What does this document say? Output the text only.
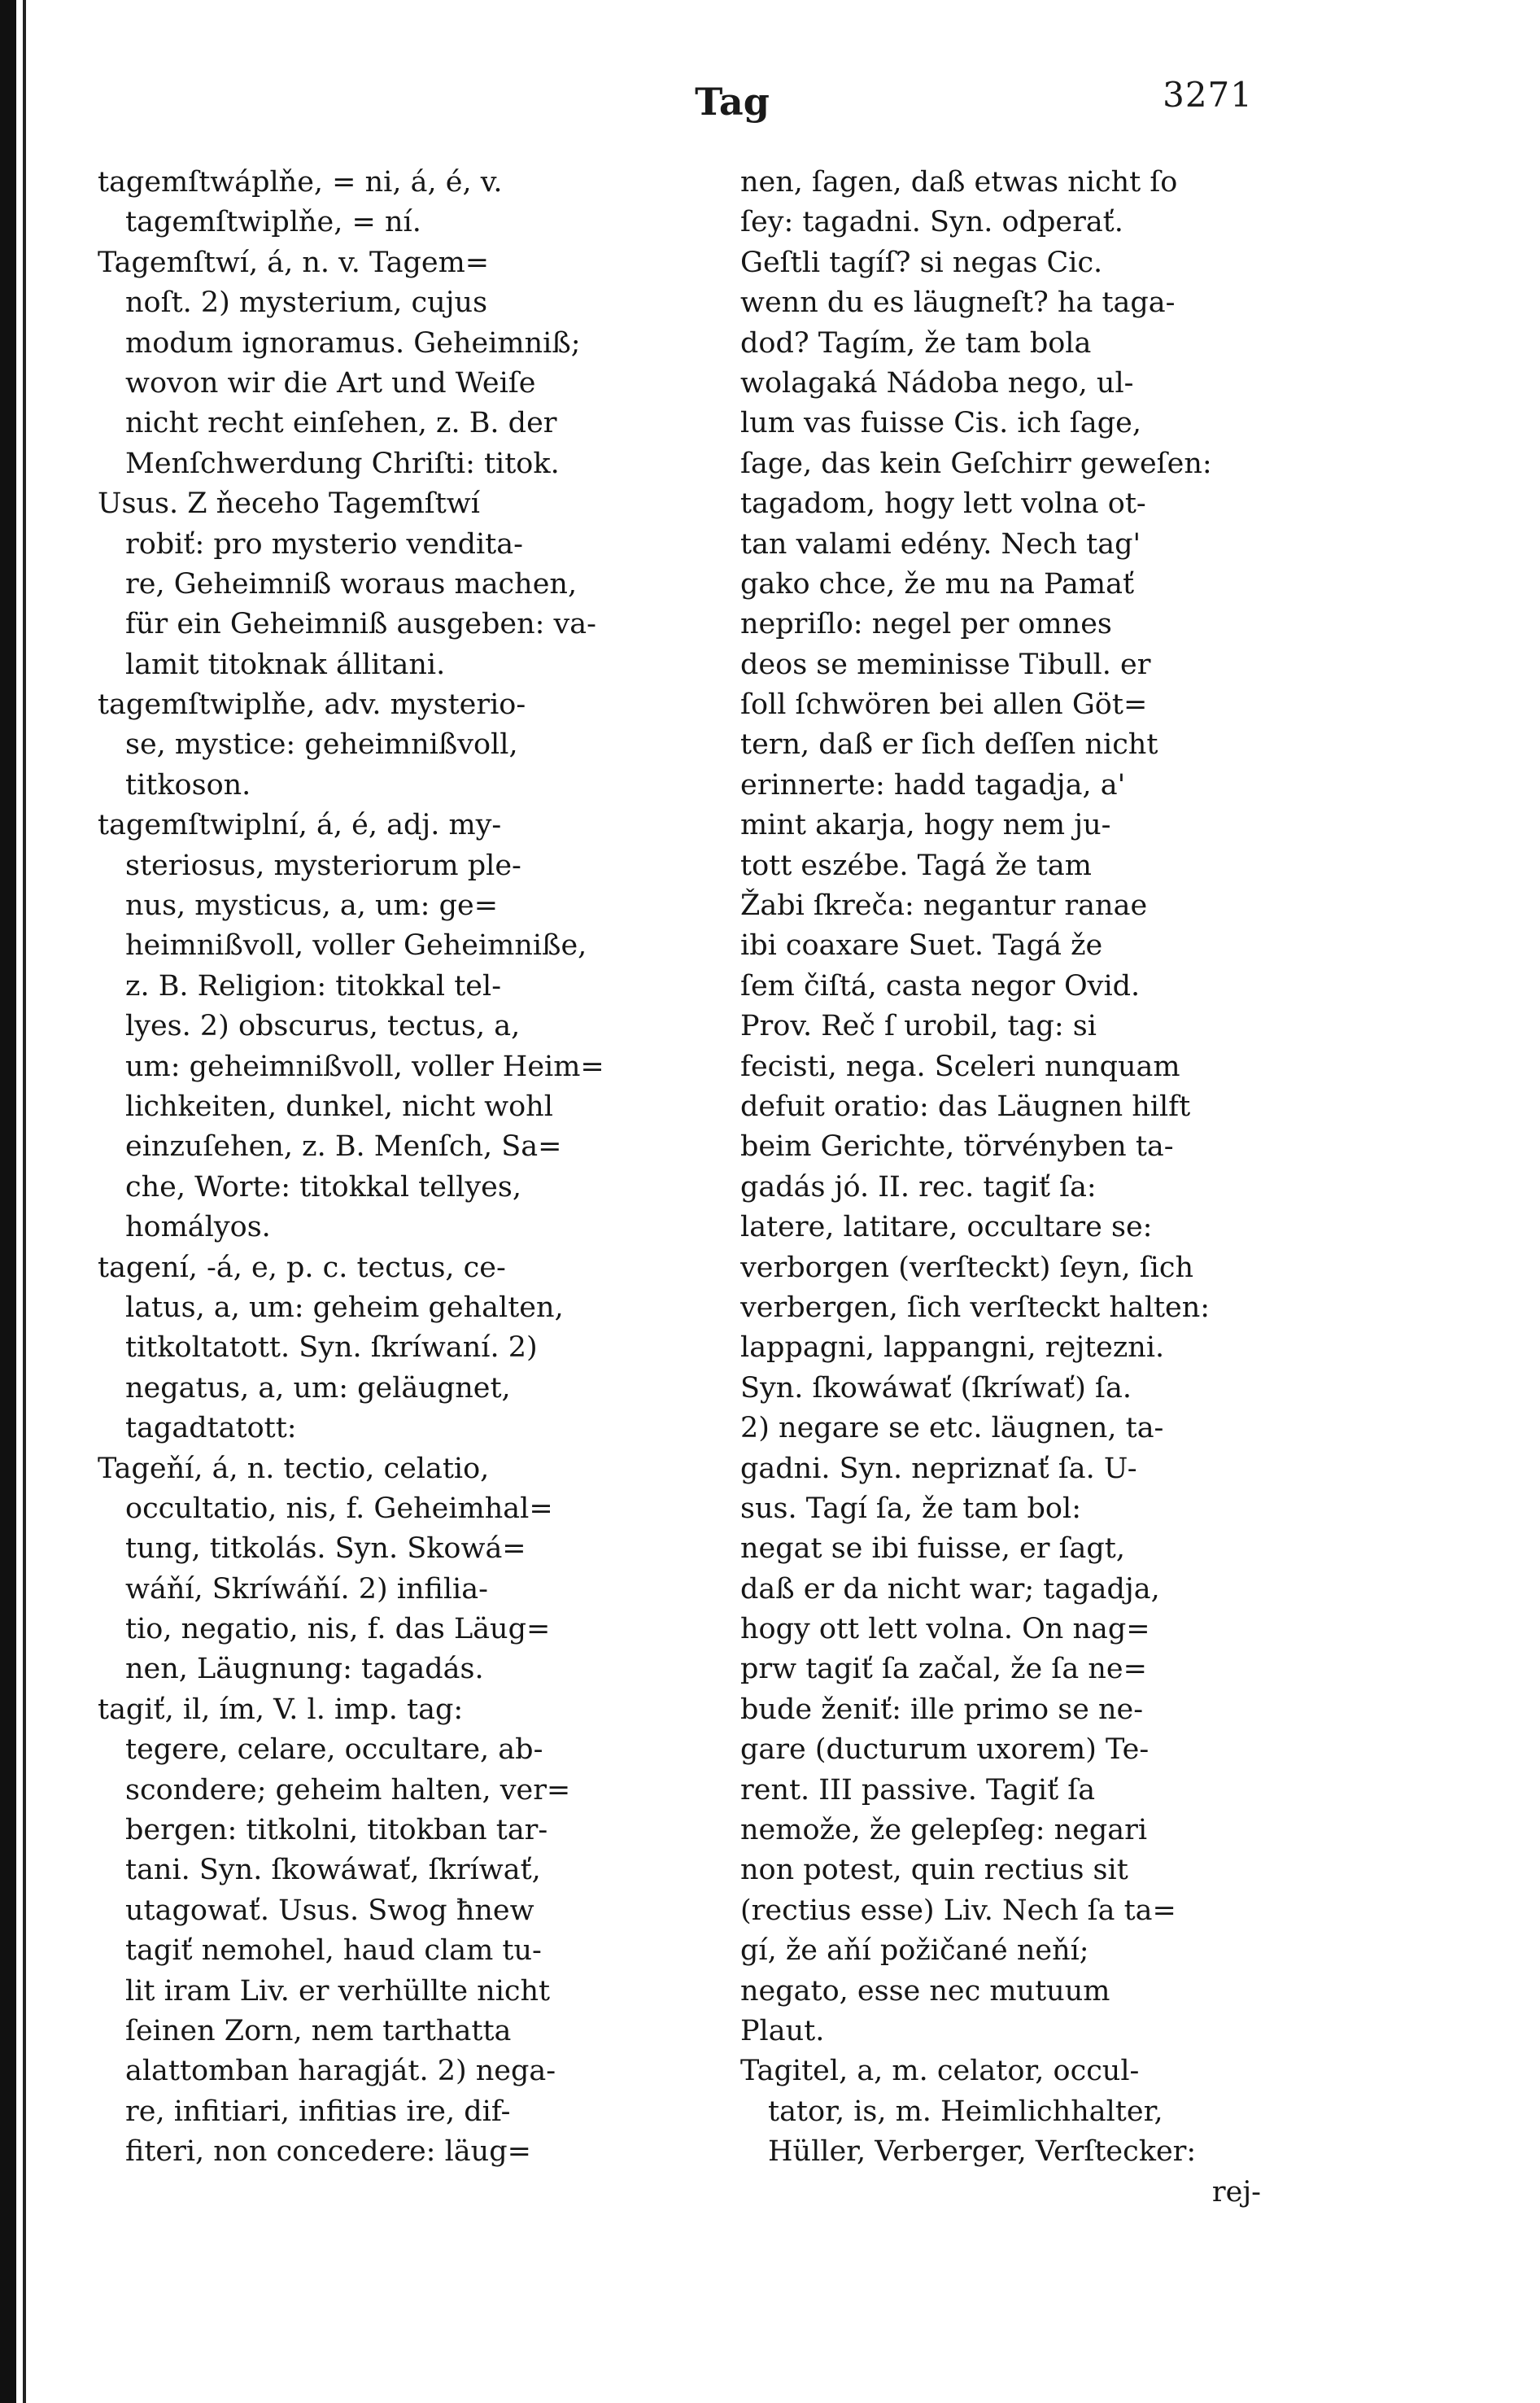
Tag	3271
tagemſtwáplňe, = ni, á, é, v.
tagemſtwiplňe, = ní.
Tagemſtwí, á, n. v. Tagem=
noſt. 2) mysterium, cujus
modum ignoramus. Geheimniß;
wovon wir die Art und Weiſe
nicht recht einſehen, z. B. der
Menſchwerdung Chriſti: titok.
Usus. Z ňeceho Tagemſtwí
robiť: pro mysterio vendita-
re, Geheimniß woraus machen,
für ein Geheimniß ausgeben: va-
lamit titoknak állitani.
tagemſtwiplňe, adv. mysterio-
se, mystice: geheimnißvoll,
titkoson.
tagemſtwiplní, á, é, adj. my-
steriosus, mysteriorum ple-
nus, mysticus, a, um: ge=
heimnißvoll, voller Geheimniße,
z. B. Religion: titokkal tel-
lyes. 2) obscurus, tectus, a,
um: geheimnißvoll, voller Heim=
lichkeiten, dunkel, nicht wohl
einzuſehen, z. B. Menſch, Sa=
che, Worte: titokkal tellyes,
homályos.
tagení, -á, e, p. c. tectus, ce-
latus, a, um: geheim gehalten,
titkoltatott. Syn. ſkríwaní. 2)
negatus, a, um: geläugnet,
tagadtatott:
Tageňí, á, n. tectio, celatio,
occultatio, nis, f. Geheimhal=
tung, titkolás. Syn. Skowá=
wáňí, Skríwáňí. 2) infilia-
tio, negatio, nis, f. das Läug=
nen, Läugnung: tagadás.
tagiť, il, ím, V. l. imp. tag:
tegere, celare, occultare, ab-
scondere; geheim halten, ver=
bergen: titkolni, titokban tar-
tani. Syn. ſkowáwať, ſkríwať,
utagowať. Usus. Swog ħnew
tagiť nemohel, haud clam tu-
lit iram Liv. er verhüllte nicht
ſeinen Zorn, nem tarthatta
alattomban haragját. 2) nega-
re, infitiari, infitias ire, dif-
fiteri, non concedere: läug=
nen, ſagen, daß etwas nicht ſo
ſey: tagadni. Syn. odperať.
Geſtli tagíſ? si negas Cic.
wenn du es läugneſt? ha taga-
dod? Tagím, že tam bola
wolagaká Nádoba nego, ul-
lum vas fuisse Cis. ich ſage,
ſage, das kein Geſchirr geweſen:
tagadom, hogy lett volna ot-
tan valami edény. Nech tag'
gako chce, že mu na Pamať
nepriſlo: negel per omnes
deos se meminisse Tibull. er
ſoll ſchwören bei allen Göt=
tern, daß er ſich deſſen nicht
erinnerte: hadd tagadja, a'
mint akarja, hogy nem ju-
tott eszébe. Tagá že tam
Žabi ſkreča: negantur ranae
ibi coaxare Suet. Tagá že
ſem čiſtá, casta negor Ovid.
Prov. Reč ſ urobil, tag: si
fecisti, nega. Sceleri nunquam
defuit oratio: das Läugnen hilft
beim Gerichte, törvényben ta-
gadás jó. II. rec. tagiť ſa:
latere, latitare, occultare se:
verborgen (verſteckt) ſeyn, ſich
verbergen, ſich verſteckt halten:
lappagni, lappangni, rejtezni.
Syn. ſkowáwať (ſkríwať) ſa.
2) negare se etc. läugnen, ta-
gadni. Syn. nepriznať ſa. U-
sus. Tagí ſa, že tam bol:
negat se ibi fuisse, er ſagt,
daß er da nicht war; tagadja,
hogy ott lett volna. On nag=
prw tagiť ſa začal, že ſa ne=
bude ženiť: ille primo se ne-
gare (ducturum uxorem) Te-
rent. III passive. Tagiť ſa
nemože, že gelepſeg: negari
non potest, quin rectius sit
(rectius esse) Liv. Nech ſa ta=
gí, že aňí požičané neňí;
negato, esse nec mutuum
Plaut.
Tagitel, a, m. celator, occul-
tator, is, m. Heimlichhalter,
Hüller, Verberger, Verſtecker:
rej-
